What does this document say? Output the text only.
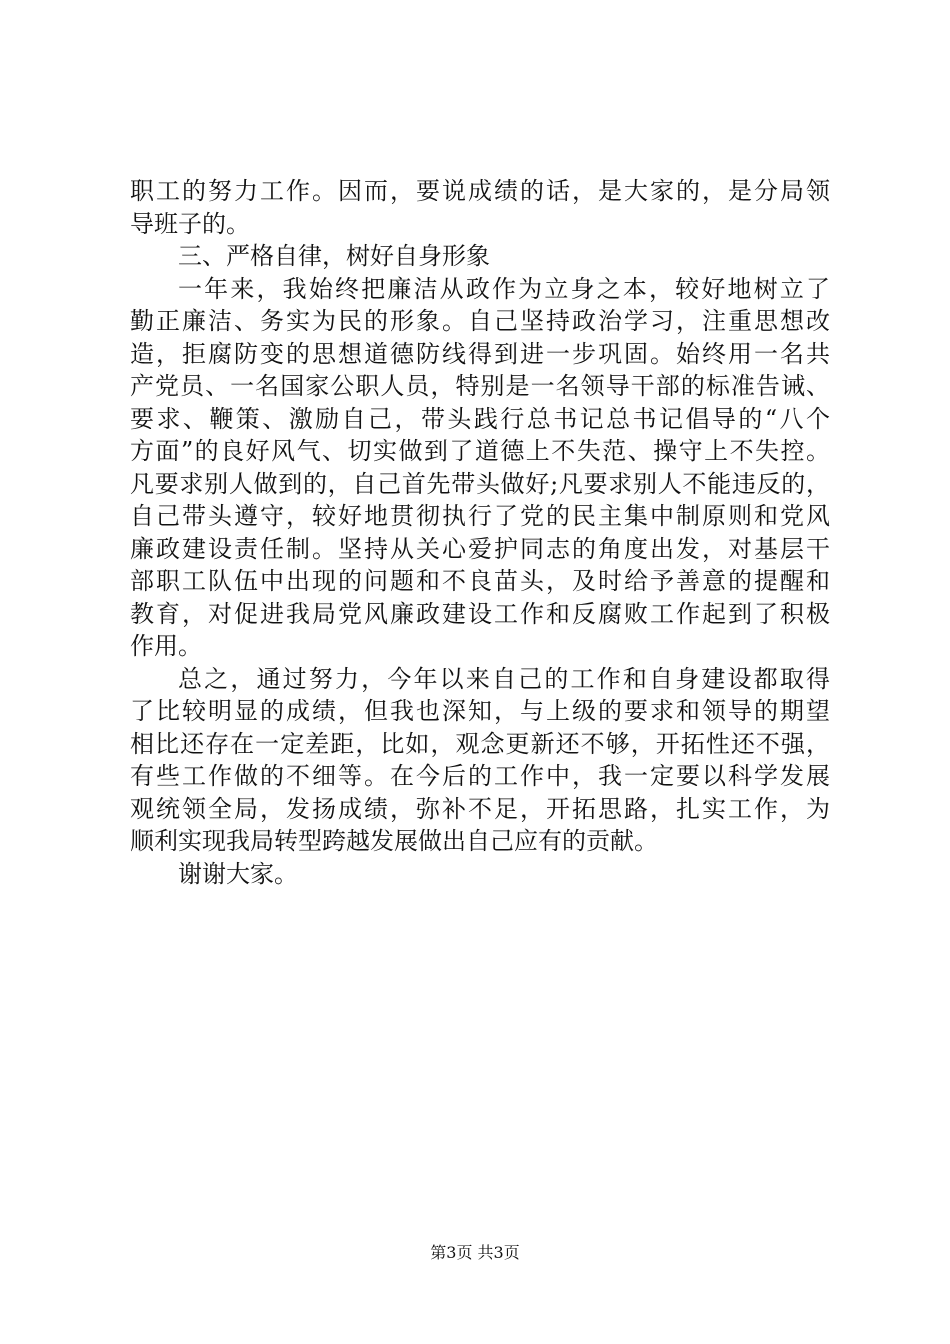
职工的努力工作。因而，要说成绩的话，是大家的，是分局领
导班子的。
三、严格自律，树好自身形象
一年来，我始终把廉洁从政作为立身之本，较好地树立了
勤正廉洁、务实为民的形象。自己坚持政治学习，注重思想改
造，拒腐防变的思想道德防线得到进一步巩固。始终用一名共
产党员、一名国家公职人员，特别是一名领导干部的标准告诫、
要求、鞭策、激励自己，带头践行总书记总书记倡导的“八个
方面”的良好风气、切实做到了道德上不失范、操守上不失控。
凡要求别人做到的，自己首先带头做好;凡要求别人不能违反的，
自己带头遵守，较好地贯彻执行了党的民主集中制原则和党风
廉政建设责任制。坚持从关心爱护同志的角度出发，对基层干
部职工队伍中出现的问题和不良苗头，及时给予善意的提醒和
教育，对促进我局党风廉政建设工作和反腐败工作起到了积极
作用。
总之，通过努力，今年以来自己的工作和自身建设都取得
了比较明显的成绩，但我也深知，与上级的要求和领导的期望
相比还存在一定差距，比如，观念更新还不够，开拓性还不强，
有些工作做的不细等。在今后的工作中，我一定要以科学发展
观统领全局，发扬成绩，弥补不足，开拓思路，扎实工作，为
顺利实现我局转型跨越发展做出自己应有的贡献。
谢谢大家。
第3页 共3页
